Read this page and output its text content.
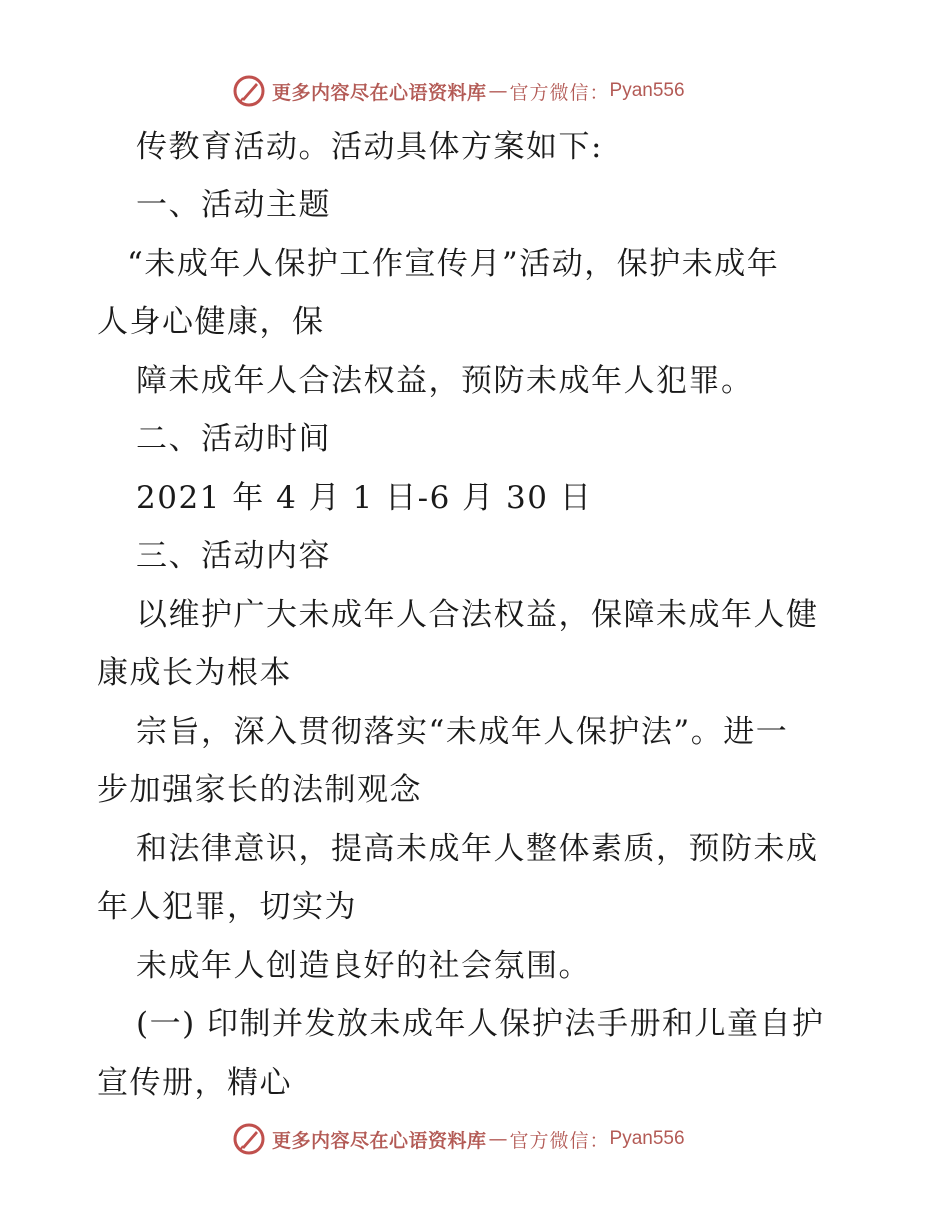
更多内容尽在心语资料库 — 官方微信： Pyan556
传教育活动。活动具体方案如下:
一、活动主题
“未成年人保护工作宣传月”活动，保护未成年
人身心健康，保
障未成年人合法权益，预防未成年人犯罪。
二、活动时间
2021 年 4 月 1 日-6 月 30 日
三、活动内容
以维护广大未成年人合法权益，保障未成年人健
康成长为根本
宗旨，深入贯彻落实“未成年人保护法”。进一
步加强家长的法制观念
和法律意识，提高未成年人整体素质，预防未成
年人犯罪，切实为
未成年人创造良好的社会氛围。
(一) 印制并发放未成年人保护法手册和儿童自护
宣传册，精心
更多内容尽在心语资料库 — 官方微信： Pyan556
